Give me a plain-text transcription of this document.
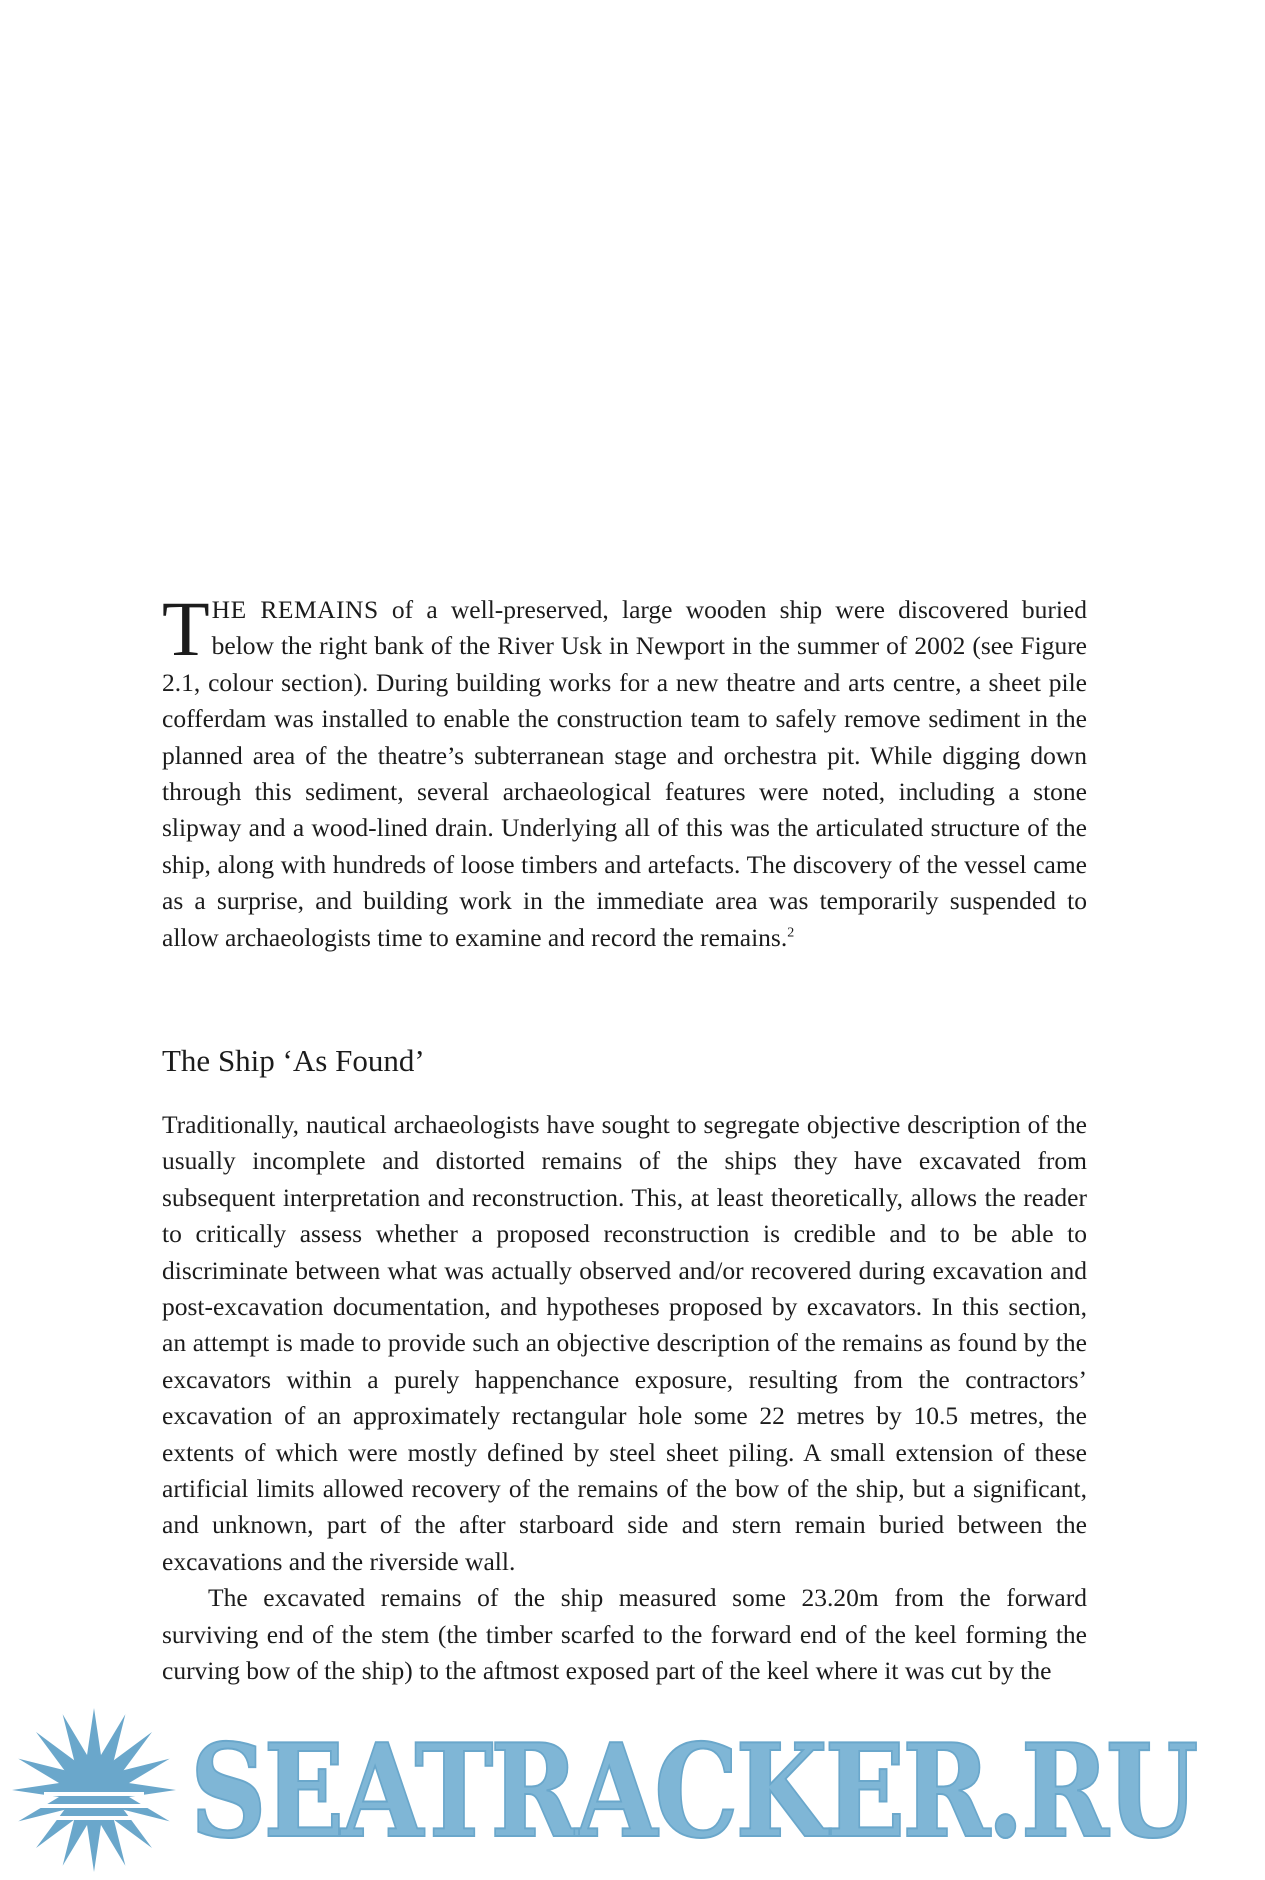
THE REMAINS of a well-preserved, large wooden ship were discovered buried below the right bank of the River Usk in Newport in the summer of 2002 (see Figure 2.1, colour section). During building works for a new theatre and arts centre, a sheet pile cofferdam was installed to enable the construction team to safely remove sediment in the planned area of the theatre’s subterranean stage and orchestra pit. While digging down through this sediment, several archaeological features were noted, including a stone slipway and a wood-lined drain. Underlying all of this was the articulated structure of the ship, along with hundreds of loose timbers and artefacts. The discovery of the vessel came as a surprise, and building work in the immediate area was temporarily suspended to allow archaeologists time to examine and record the remains.$^2$
The Ship ‘As Found’

Traditionally, nautical archaeologists have sought to segregate objective description of the usually incomplete and distorted remains of the ships they have excavated from subsequent interpretation and reconstruction. This, at least theoretically, allows the reader to critically assess whether a proposed reconstruction is credible and to be able to discriminate between what was actually observed and/or recovered during excavation and post-excavation documentation, and hypotheses proposed by excavators. In this section, an attempt is made to provide such an objective description of the remains as found by the excavators within a purely happenchance exposure, resulting from the contractors’ excavation of an approximately rectangular hole some 22 metres by 10.5 metres, the extents of which were mostly defined by steel sheet piling. A small extension of these artificial limits allowed recovery of the remains of the bow of the ship, but a significant, and unknown, part of the after starboard side and stern remain buried between the excavations and the riverside wall.

The excavated remains of the ship measured some 23.20m from the forward surviving end of the stem (the timber scarfed to the forward end of the keel forming the curving bow of the ship) to the aftmost exposed part of the keel where it was cut by the

SEATRACKER.RU
